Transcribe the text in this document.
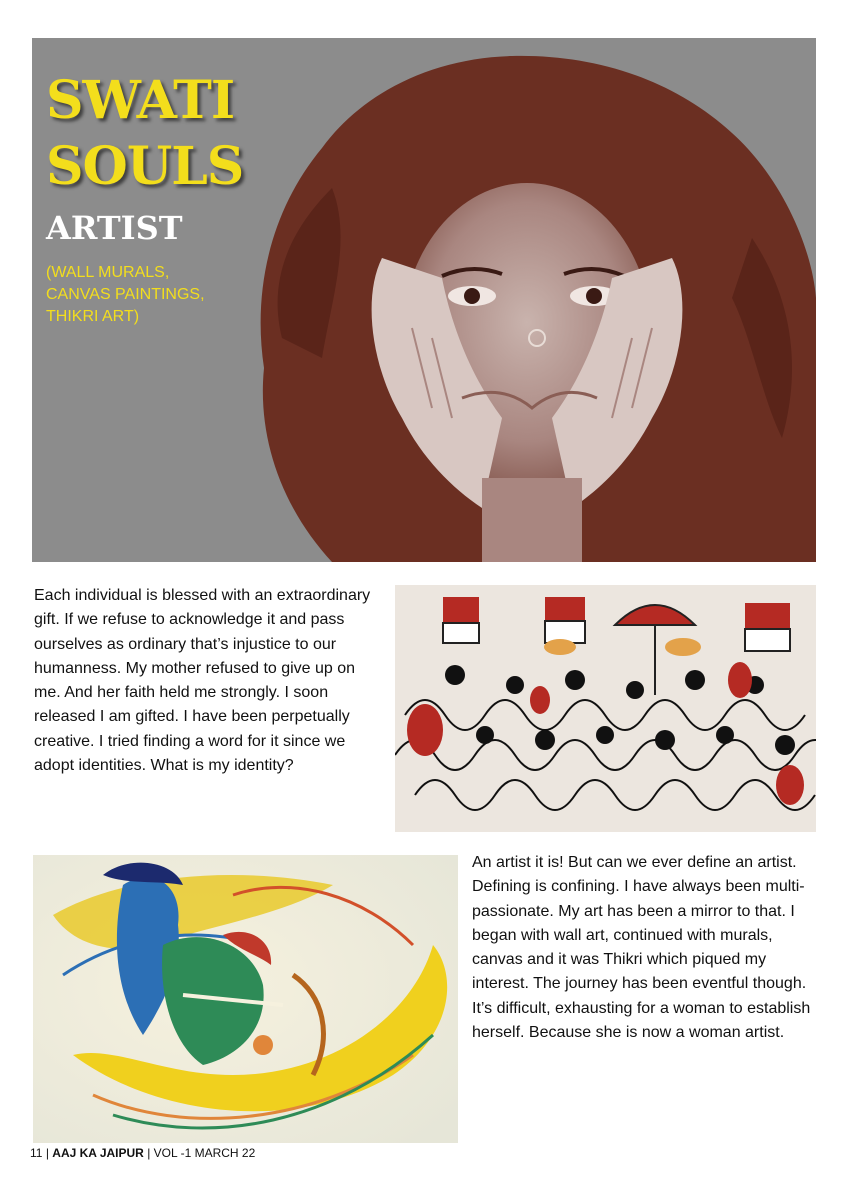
SWATI
SOULS
ARTIST
(WALL MURALS,
CANVAS PAINTINGS,
THIKRI ART)
Each individual is blessed with an extraordinary gift. If we refuse to acknowledge it and pass ourselves as ordinary that’s injustice to our humanness. My mother refused to give up on me. And her faith held me strongly. I soon released I am gifted. I have been perpetually creative. I tried finding a word for it since we adopt identities. What is my identity?
An artist it is! But can we ever define an artist. Defining is confining. I have always been multi-passionate. My art has been a mirror to that. I began with wall art, continued with murals, canvas and it was Thikri which piqued my interest. The journey has been eventful though. It’s difficult, exhausting for a woman to establish herself. Because she is now a woman artist.
11 | AAJ KA JAIPUR | VOL -1 MARCH 22
